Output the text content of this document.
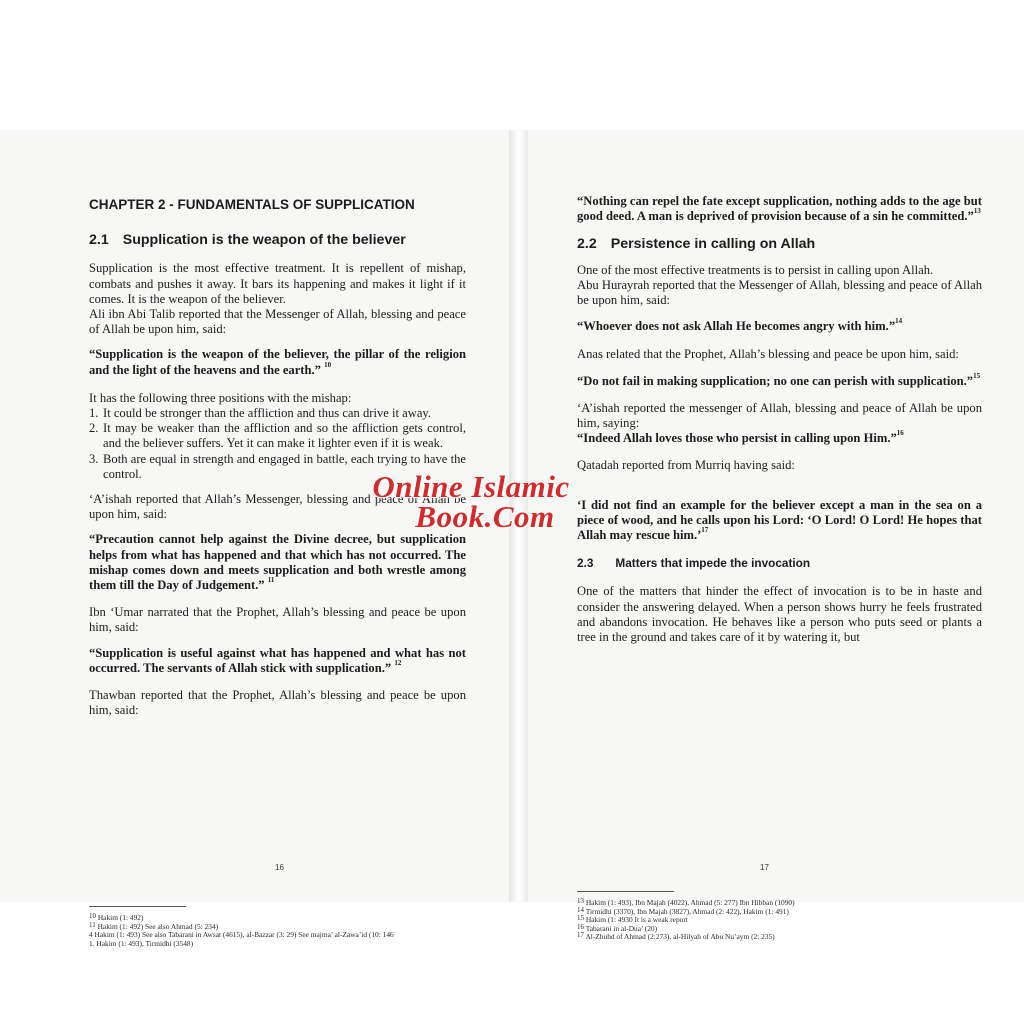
CHAPTER 2 - FUNDAMENTALS OF SUPPLICATION

2.1 Supplication is the weapon of the believer

Supplication is the most effective treatment. It is repellent of mishap, combats and pushes it away. It bars its happening and makes it light if it comes. It is the weapon of the believer.

Ali ibn Abi Talib reported that the Messenger of Allah, blessing and peace of Allah be upon him, said:

“Supplication is the weapon of the believer, the pillar of the religion and the light of the heavens and the earth.” $^{10}$

It has the following three positions with the mishap:

1. It could be stronger than the affliction and thus can drive it away.
2. It may be weaker than the affliction and so the affliction gets control, and the believer suffers. Yet it can make it lighter even if it is weak.
3. Both are equal in strength and engaged in battle, each trying to have the control.

‘A’ishah reported that Allah’s Messenger, blessing and peace of Allah be upon him, said:

“Precaution cannot help against the Divine decree, but supplication helps from what has happened and that which has not occurred. The mishap comes down and meets supplication and both wrestle among them till the Day of Judgement.” $^{11}$

Ibn ‘Umar narrated that the Prophet, Allah’s blessing and peace be upon him, said:

“Supplication is useful against what has happened and what has not occurred. The servants of Allah stick with supplication.” $^{12}$

Thawban reported that the Prophet, Allah’s blessing and peace be upon him, said:

$^{10}$ Hakim (1: 492)
$^{11}$ Hakim (1: 492) See also Ahmad (5: 234)
4 Hakim (1: 493) See also Tabarani in Awsat (4615), al-Bazzar (3: 29) See majma’ al-Zawa’id (10: 146
1. Hakim (1: 493), Tirmidhi (3548)
16

“Nothing can repel the fate except supplication, nothing adds to the age but good deed. A man is deprived of provision because of a sin he committed.”$^{13}$

2.2 Persistence in calling on Allah

One of the most effective treatments is to persist in calling upon Allah.

Abu Hurayrah reported that the Messenger of Allah, blessing and peace of Allah be upon him, said:

“Whoever does not ask Allah He becomes angry with him.”$^{14}$

Anas related that the Prophet, Allah’s blessing and peace be upon him, said:

“Do not fail in making supplication; no one can perish with supplication.”$^{15}$

‘A’ishah reported the messenger of Allah, blessing and peace of Allah be upon him, saying:

“Indeed Allah loves those who persist in calling upon Him.”$^{16}$

Qatadah reported from Murriq having said:

‘I did not find an example for the believer except a man in the sea on a piece of wood, and he calls upon his Lord: ‘O Lord! O Lord! He hopes that Allah may rescue him.’$^{17}$

2.3 Matters that impede the invocation

One of the matters that hinder the effect of invocation is to be in haste and consider the answering delayed. When a person shows hurry he feels frustrated and abandons invocation. He behaves like a person who puts seed or plants a tree in the ground and takes care of it by watering it, but

$^{13}$ Hakim (1: 493), Ibn Majah (4022), Ahmad (5: 277) Ibn Hibban (1090)
$^{14}$ Tirmidhi (3370), Ibn Majah (3827), Ahmad (2: 422), Hakim (1: 491)
$^{15}$ Hakim (1: 4930 It is a weak report
$^{16}$ Tabarani in al-Dua’ (20)
$^{17}$ Al-Zhuhd of Ahmad (2:273), al-Hilyah of Abu Nu’aym (2: 235)
17
Online Islamic
Book.Com
